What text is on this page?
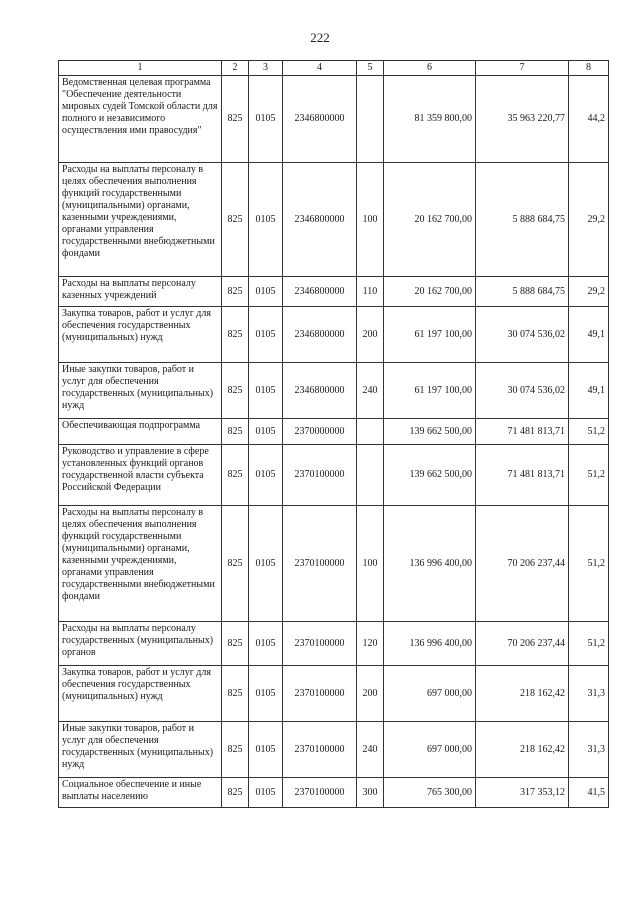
222
1	2	3	4	5	6	7	8
Ведомственная целевая программа "Обеспечение деятельности мировых судей Томской области для полного и независимого осуществления ими правосудия"	825	0105	2346800000		81 359 800,00	35 963 220,77	44,2
Расходы на выплаты персоналу в целях обеспечения выполнения функций государственными (муниципальными) органами, казенными учреждениями, органами управления государственными внебюджетными фондами	825	0105	2346800000	100	20 162 700,00	5 888 684,75	29,2
Расходы на выплаты персоналу казенных учреждений	825	0105	2346800000	110	20 162 700,00	5 888 684,75	29,2
Закупка товаров, работ и услуг для обеспечения государственных (муниципальных) нужд	825	0105	2346800000	200	61 197 100,00	30 074 536,02	49,1
Иные закупки товаров, работ и услуг для обеспечения государственных (муниципальных) нужд	825	0105	2346800000	240	61 197 100,00	30 074 536,02	49,1
Обеспечивающая подпрограмма	825	0105	2370000000		139 662 500,00	71 481 813,71	51,2
Руководство и управление в сфере установленных функций органов государственной власти субъекта Российской Федерации	825	0105	2370100000		139 662 500,00	71 481 813,71	51,2
Расходы на выплаты персоналу в целях обеспечения выполнения функций государственными (муниципальными) органами, казенными учреждениями, органами управления государственными внебюджетными фондами	825	0105	2370100000	100	136 996 400,00	70 206 237,44	51,2
Расходы на выплаты персоналу государственных (муниципальных) органов	825	0105	2370100000	120	136 996 400,00	70 206 237,44	51,2
Закупка товаров, работ и услуг для обеспечения государственных (муниципальных) нужд	825	0105	2370100000	200	697 000,00	218 162,42	31,3
Иные закупки товаров, работ и услуг для обеспечения государственных (муниципальных) нужд	825	0105	2370100000	240	697 000,00	218 162,42	31,3
Социальное обеспечение и иные выплаты населению	825	0105	2370100000	300	765 300,00	317 353,12	41,5
